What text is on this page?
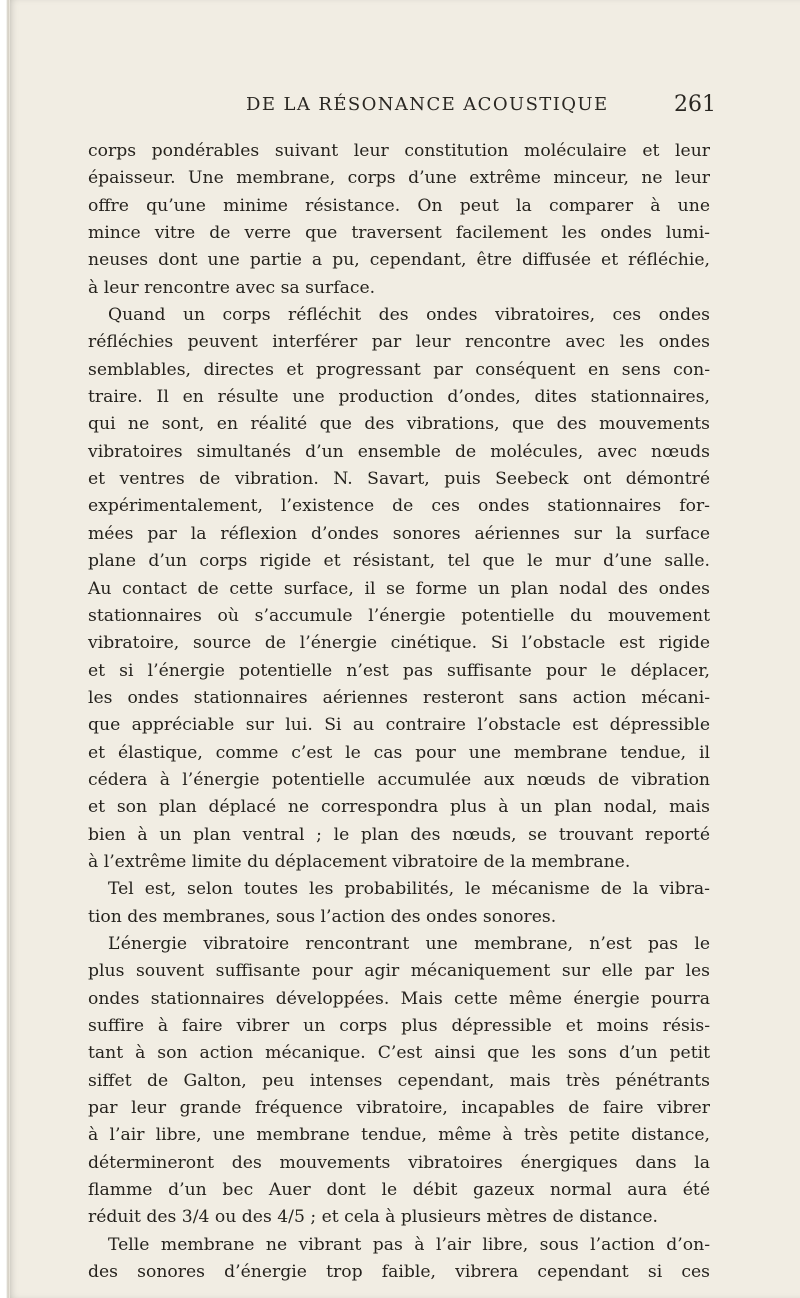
DE LA RÉSONANCE ACOUSTIQUE	261
corps pondérables suivant leur constitution moléculaire et leur
épaisseur. Une membrane, corps d’une extrême minceur, ne leur
offre qu’une minime résistance. On peut la comparer à une
mince vitre de verre que traversent facilement les ondes lumi-
neuses dont une partie a pu, cependant, être diffusée et réfléchie,
à leur rencontre avec sa surface.
Quand un corps réfléchit des ondes vibratoires, ces ondes
réfléchies peuvent interférer par leur rencontre avec les ondes
semblables, directes et progressant par conséquent en sens con-
traire. Il en résulte une production d’ondes, dites stationnaires,
qui ne sont, en réalité que des vibrations, que des mouvements
vibratoires simultanés d’un ensemble de molécules, avec nœuds
et ventres de vibration. N. Savart, puis Seebeck ont démontré
expérimentalement, l’existence de ces ondes stationnaires for-
mées par la réflexion d’ondes sonores aériennes sur la surface
plane d’un corps rigide et résistant, tel que le mur d’une salle.
Au contact de cette surface, il se forme un plan nodal des ondes
stationnaires où s’accumule l’énergie potentielle du mouvement
vibratoire, source de l’énergie cinétique. Si l’obstacle est rigide
et si l’énergie potentielle n’est pas suffisante pour le déplacer,
les ondes stationnaires aériennes resteront sans action mécani-
que appréciable sur lui. Si au contraire l’obstacle est dépressible
et élastique, comme c’est le cas pour une membrane tendue, il
cédera à l’énergie potentielle accumulée aux nœuds de vibration
et son plan déplacé ne correspondra plus à un plan nodal, mais
bien à un plan ventral ; le plan des nœuds, se trouvant reporté
à l’extrême limite du déplacement vibratoire de la membrane.
Tel est, selon toutes les probabilités, le mécanisme de la vibra-
tion des membranes, sous l’action des ondes sonores.
L’énergie vibratoire rencontrant une membrane, n’est pas le
plus souvent suffisante pour agir mécaniquement sur elle par les
ondes stationnaires développées. Mais cette même énergie pourra
suffire à faire vibrer un corps plus dépressible et moins résis-
tant à son action mécanique. C’est ainsi que les sons d’un petit
siffet de Galton, peu intenses cependant, mais très pénétrants
par leur grande fréquence vibratoire, incapables de faire vibrer
à l’air libre, une membrane tendue, même à très petite distance,
détermineront des mouvements vibratoires énergiques dans la
flamme d’un bec Auer dont le débit gazeux normal aura été
réduit des 3/4 ou des 4/5 ; et cela à plusieurs mètres de distance.
Telle membrane ne vibrant pas à l’air libre, sous l’action d’on-
des sonores d’énergie trop faible, vibrera cependant si ces
